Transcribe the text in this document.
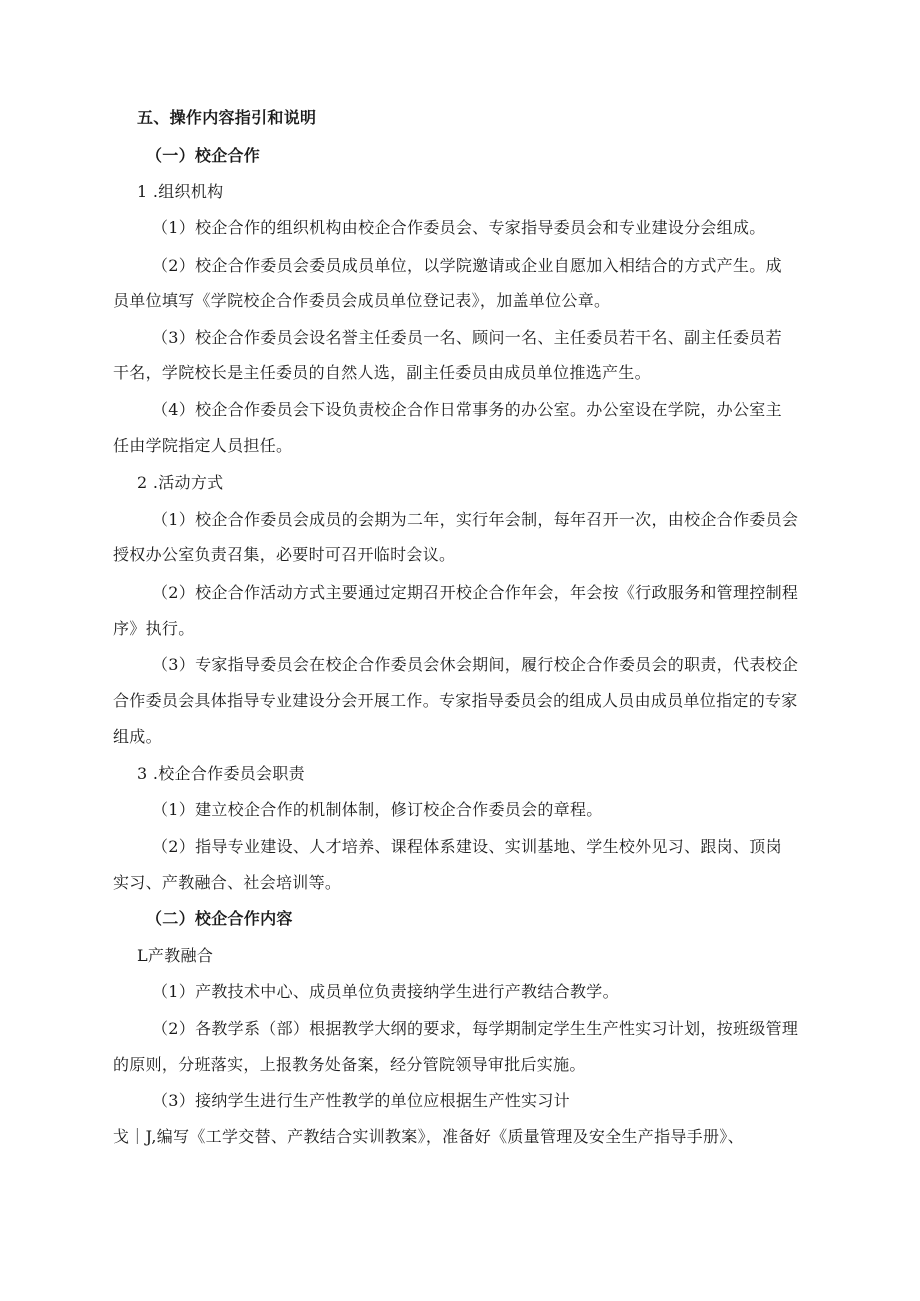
五、操作内容指引和说明
（一）校企合作
1 .组织机构
（1）校企合作的组织机构由校企合作委员会、专家指导委员会和专业建设分会组成。
（2）校企合作委员会委员成员单位，以学院邀请或企业自愿加入相结合的方式产生。成
员单位填写《学院校企合作委员会成员单位登记表》，加盖单位公章。
（3）校企合作委员会设名誉主任委员一名、顾问一名、主任委员若干名、副主任委员若
干名，学院校长是主任委员的自然人选，副主任委员由成员单位推选产生。
（4）校企合作委员会下设负责校企合作日常事务的办公室。办公室设在学院，办公室主
任由学院指定人员担任。
2 .活动方式
（1）校企合作委员会成员的会期为二年，实行年会制，每年召开一次，由校企合作委员会
授权办公室负责召集，必要时可召开临时会议。
（2）校企合作活动方式主要通过定期召开校企合作年会，年会按《行政服务和管理控制程
序》执行。
（3）专家指导委员会在校企合作委员会休会期间，履行校企合作委员会的职责，代表校企
合作委员会具体指导专业建设分会开展工作。专家指导委员会的组成人员由成员单位指定的专家
组成。
3 .校企合作委员会职责
（1）建立校企合作的机制体制，修订校企合作委员会的章程。
（2）指导专业建设、人才培养、课程体系建设、实训基地、学生校外见习、跟岗、顶岗
实习、产教融合、社会培训等。
（二）校企合作内容
L产教融合
（1）产教技术中心、成员单位负责接纳学生进行产教结合教学。
（2）各教学系（部）根据教学大纲的要求，每学期制定学生生产性实习计划，按班级管理
的原则，分班落实，上报教务处备案，经分管院领导审批后实施。
（3）接纳学生进行生产性教学的单位应根据生产性实习计
戈｜J,编写《工学交替、产教结合实训教案》，准备好《质量管理及安全生产指导手册》、
